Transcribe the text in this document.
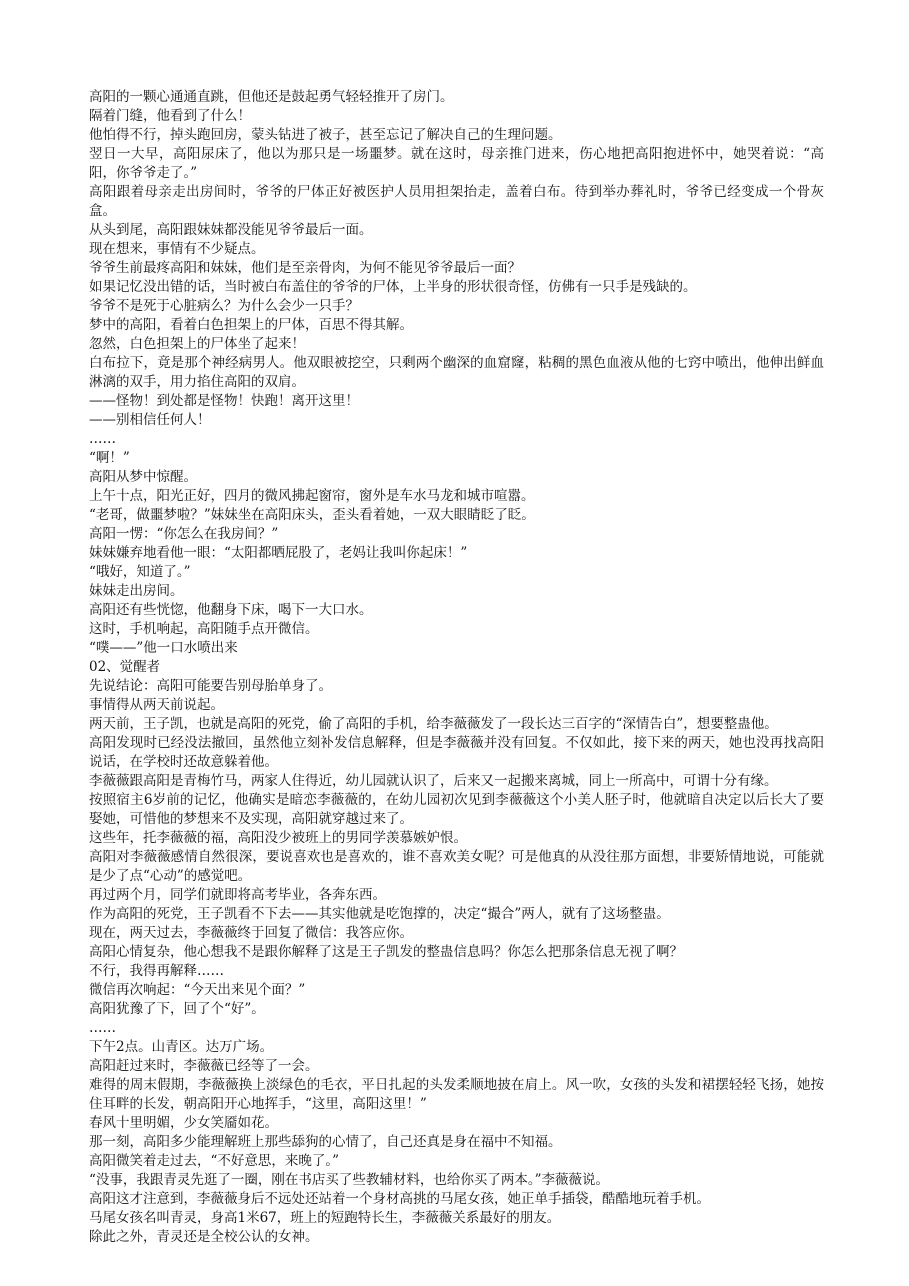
高阳的一颗心通通直跳，但他还是鼓起勇气轻轻推开了房门。

隔着门缝，他看到了什么！

他怕得不行，掉头跑回房，蒙头钻进了被子，甚至忘记了解决自己的生理问题。

翌日一大早，高阳尿床了，他以为那只是一场噩梦。就在这时，母亲推门进来，伤心地把高阳抱进怀中，她哭着说：“高阳，你爷爷走了。”

高阳跟着母亲走出房间时，爷爷的尸体正好被医护人员用担架抬走，盖着白布。待到举办葬礼时，爷爷已经变成一个骨灰盒。

从头到尾，高阳跟妹妹都没能见爷爷最后一面。

现在想来，事情有不少疑点。

爷爷生前最疼高阳和妹妹，他们是至亲骨肉，为何不能见爷爷最后一面？

如果记忆没出错的话，当时被白布盖住的爷爷的尸体，上半身的形状很奇怪，仿佛有一只手是残缺的。

爷爷不是死于心脏病么？为什么会少一只手？

梦中的高阳，看着白色担架上的尸体，百思不得其解。

忽然，白色担架上的尸体坐了起来！

白布拉下，竟是那个神经病男人。他双眼被挖空，只剩两个幽深的血窟窿，粘稠的黑色血液从他的七窍中喷出，他伸出鲜血淋漓的双手，用力掐住高阳的双肩。

——怪物！到处都是怪物！快跑！离开这里！

——别相信任何人！

……

“啊！”

高阳从梦中惊醒。

上午十点，阳光正好，四月的微风拂起窗帘，窗外是车水马龙和城市喧嚣。

“老哥，做噩梦啦？”妹妹坐在高阳床头，歪头看着她，一双大眼睛眨了眨。

高阳一愣：“你怎么在我房间？”

妹妹嫌弃地看他一眼：“太阳都晒屁股了，老妈让我叫你起床！”

“哦好，知道了。”

妹妹走出房间。

高阳还有些恍惚，他翻身下床，喝下一大口水。

这时，手机响起，高阳随手点开微信。

“噗——”他一口水喷出来

02、觉醒者

先说结论：高阳可能要告别母胎单身了。

事情得从两天前说起。

两天前，王子凯，也就是高阳的死党，偷了高阳的手机，给李薇薇发了一段长达三百字的“深情告白”，想要整蛊他。

高阳发现时已经没法撤回，虽然他立刻补发信息解释，但是李薇薇并没有回复。不仅如此，接下来的两天，她也没再找高阳说话，在学校时还故意躲着他。

李薇薇跟高阳是青梅竹马，两家人住得近，幼儿园就认识了，后来又一起搬来离城，同上一所高中，可谓十分有缘。

按照宿主6岁前的记忆，他确实是暗恋李薇薇的，在幼儿园初次见到李薇薇这个小美人胚子时，他就暗自决定以后长大了要娶她，可惜他的梦想来不及实现，高阳就穿越过来了。

这些年，托李薇薇的福，高阳没少被班上的男同学羡慕嫉妒恨。

高阳对李薇薇感情自然很深，要说喜欢也是喜欢的，谁不喜欢美女呢？可是他真的从没往那方面想，非要矫情地说，可能就是少了点“心动”的感觉吧。

再过两个月，同学们就即将高考毕业，各奔东西。

作为高阳的死党，王子凯看不下去——其实他就是吃饱撑的，决定“撮合”两人，就有了这场整蛊。

现在，两天过去，李薇薇终于回复了微信：我答应你。

高阳心情复杂，他心想我不是跟你解释了这是王子凯发的整蛊信息吗？你怎么把那条信息无视了啊？

不行，我得再解释……

微信再次响起：“今天出来见个面？”

高阳犹豫了下，回了个“好”。

……

下午2点。山青区。达万广场。

高阳赶过来时，李薇薇已经等了一会。

难得的周末假期，李薇薇换上淡绿色的毛衣，平日扎起的头发柔顺地披在肩上。风一吹，女孩的头发和裙摆轻轻飞扬，她按住耳畔的长发，朝高阳开心地挥手，“这里，高阳这里！”

春风十里明媚，少女笑靥如花。

那一刻，高阳多少能理解班上那些舔狗的心情了，自己还真是身在福中不知福。

高阳微笑着走过去，“不好意思，来晚了。”

“没事，我跟青灵先逛了一圈，刚在书店买了些教辅材料，也给你买了两本。”李薇薇说。

高阳这才注意到，李薇薇身后不远处还站着一个身材高挑的马尾女孩，她正单手插袋，酷酷地玩着手机。

马尾女孩名叫青灵，身高1米67，班上的短跑特长生，李薇薇关系最好的朋友。

除此之外，青灵还是全校公认的女神。
